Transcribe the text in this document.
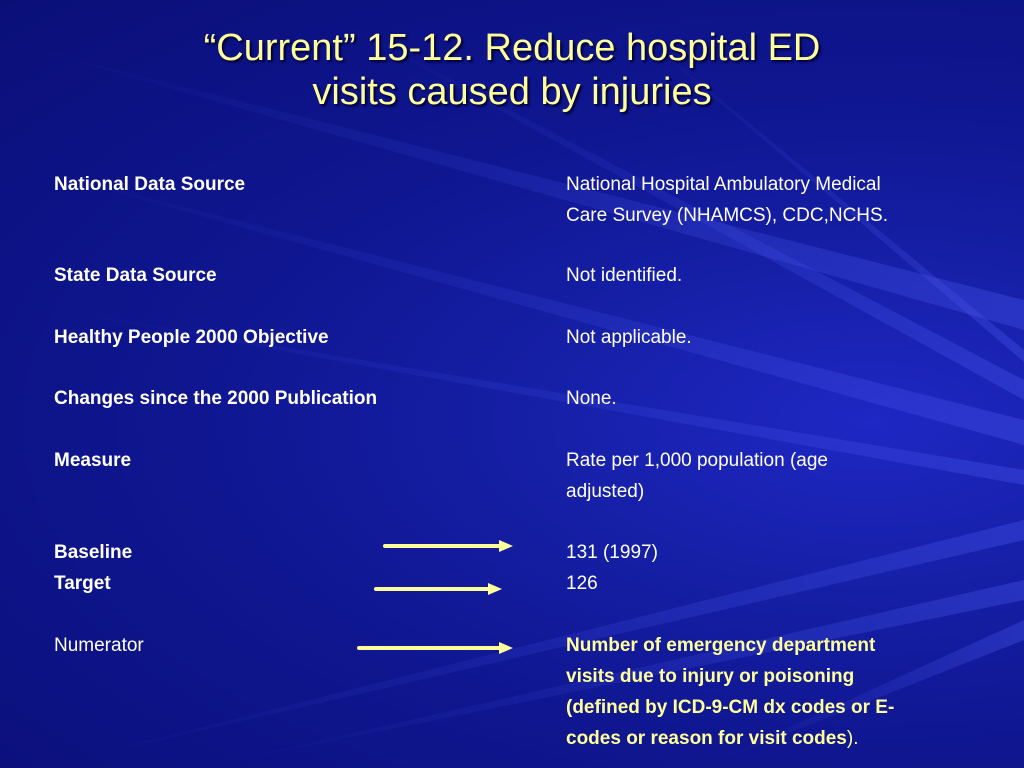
“Current” 15-12. Reduce hospital ED
visits caused by injuries
National Data Source	National Hospital Ambulatory Medical
Care Survey (NHAMCS), CDC,NCHS.
State Data Source	Not identified.
Healthy People 2000 Objective	Not applicable.
Changes since the 2000 Publication	None.
Measure	Rate per 1,000 population (age
adjusted)
Baseline	131 (1997)
Target	126
Numerator	Number of emergency department
visits due to injury or poisoning
(defined by ICD-9-CM dx codes or E-
codes or reason for visit codes).
